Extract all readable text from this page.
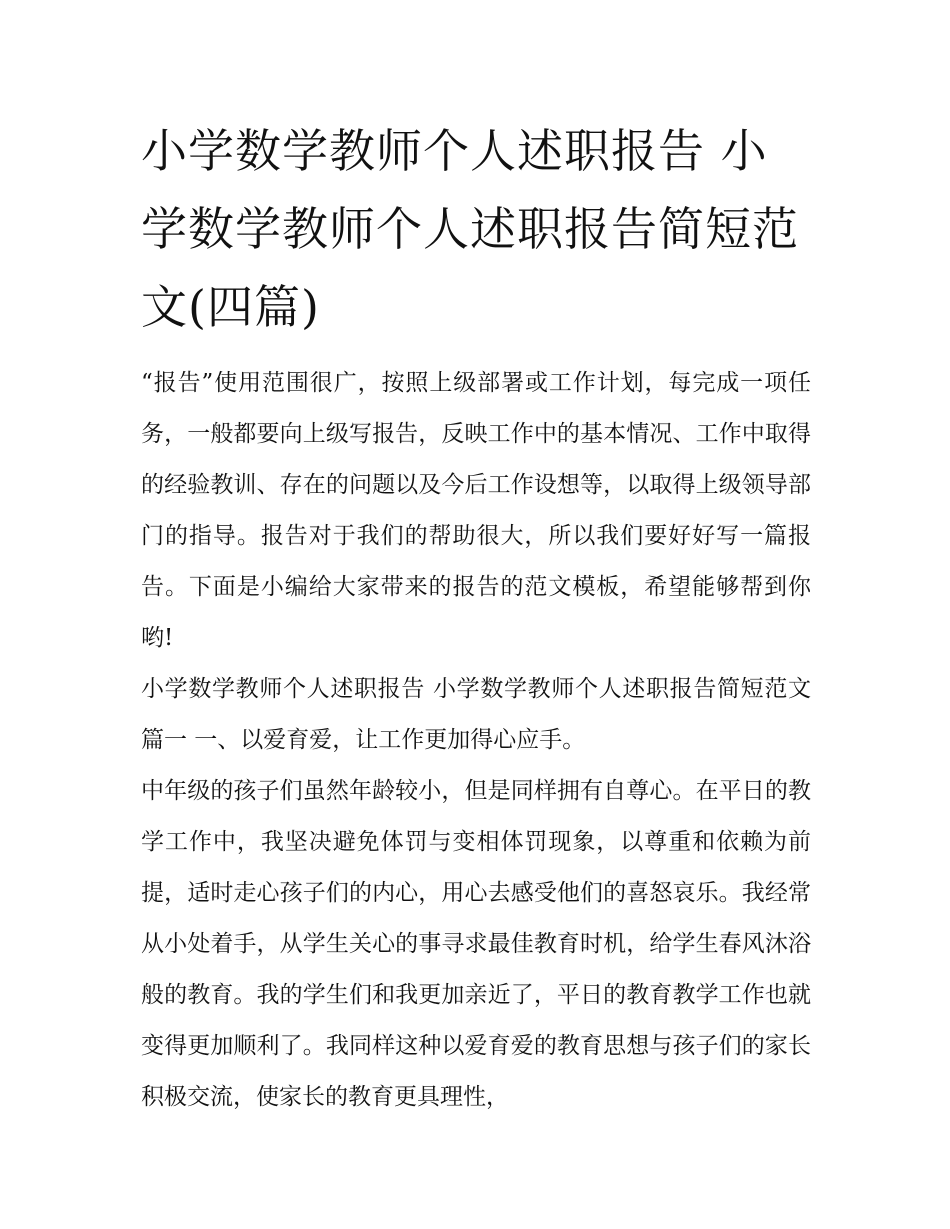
小学数学教师个人述职报告 小学数学教师个人述职报告简短范文(四篇)

“报告”使用范围很广，按照上级部署或工作计划，每完成一项任务，一般都要向上级写报告，反映工作中的基本情况、工作中取得的经验教训、存在的问题以及今后工作设想等，以取得上级领导部门的指导。报告对于我们的帮助很大，所以我们要好好写一篇报告。下面是小编给大家带来的报告的范文模板，希望能够帮到你哟!

小学数学教师个人述职报告 小学数学教师个人述职报告简短范文篇一 一、以爱育爱，让工作更加得心应手。

中年级的孩子们虽然年龄较小，但是同样拥有自尊心。在平日的教学工作中，我坚决避免体罚与变相体罚现象，以尊重和依赖为前提，适时走心孩子们的内心，用心去感受他们的喜怒哀乐。我经常从小处着手，从学生关心的事寻求最佳教育时机，给学生春风沐浴般的教育。我的学生们和我更加亲近了，平日的教育教学工作也就变得更加顺利了。我同样这种以爱育爱的教育思想与孩子们的家长积极交流，使家长的教育更具理性，
